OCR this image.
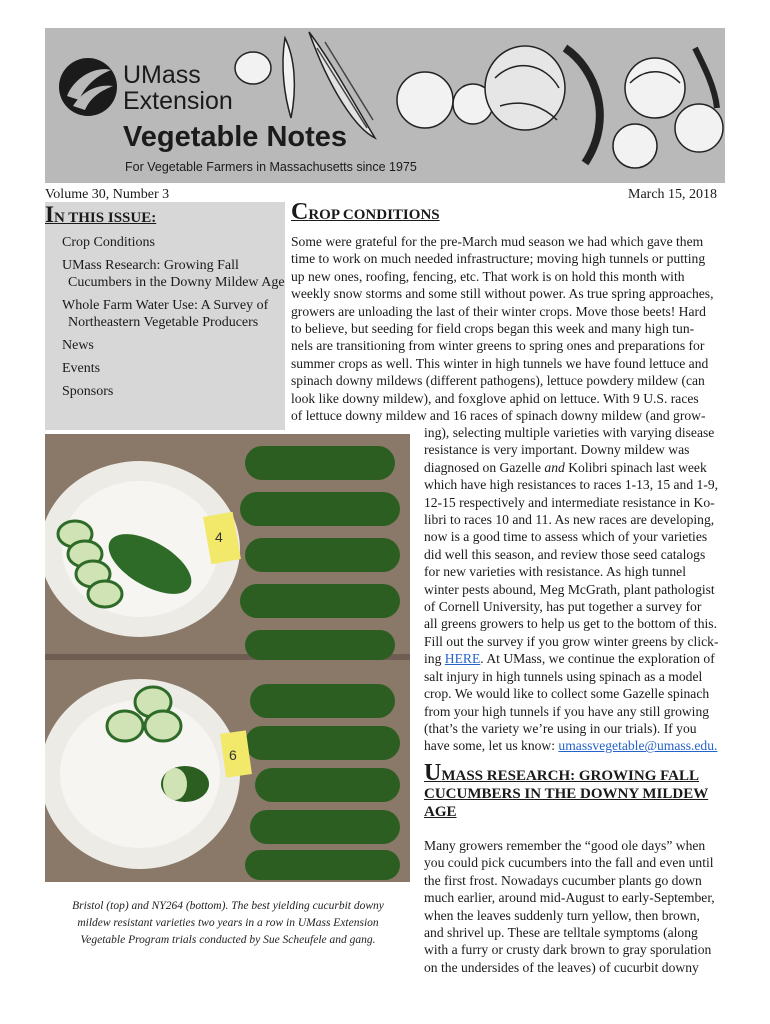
UMass
Extension
Vegetable Notes
For Vegetable Farmers in Massachusetts since 1975
Volume 30, Number 3	March 15, 2018
IN THIS ISSUE:
Crop Conditions
UMass Research: Growing Fall
Cucumbers in the Downy Mildew Age
Whole Farm Water Use: A Survey of
Northeastern Vegetable Producers
News
Events
Sponsors
CROP CONDITIONS
Some were grateful for the pre-March mud season we had which gave them
time to work on much needed infrastructure; moving high tunnels or putting
up new ones, roofing, fencing, etc. That work is on hold this month with
weekly snow storms and some still without power. As true spring approaches,
growers are unloading the last of their winter crops. Move those beets! Hard
to believe, but seeding for field crops began this week and many high tun-
nels are transitioning from winter greens to spring ones and preparations for
summer crops as well. This winter in high tunnels we have found lettuce and
spinach downy mildews (different pathogens), lettuce powdery mildew (can
look like downy mildew), and foxglove aphid on lettuce. With 9 U.S. races
of lettuce downy mildew and 16 races of spinach downy mildew (and grow-
ing), selecting multiple varieties with varying disease
resistance is very important. Downy mildew was
diagnosed on Gazelle and Kolibri spinach last week
which have high resistances to races 1-13, 15 and 1-9,
12-15 respectively and intermediate resistance in Ko-
libri to races 10 and 11. As new races are developing,
now is a good time to assess which of your varieties
did well this season, and review those seed catalogs
for new varieties with resistance. As high tunnel
winter pests abound, Meg McGrath, plant pathologist
of Cornell University, has put together a survey for
all greens growers to help us get to the bottom of this.
Fill out the survey if you grow winter greens by click-
ing HERE. At UMass, we continue the exploration of
salt injury in high tunnels using spinach as a model
crop. We would like to collect some Gazelle spinach
from your high tunnels if you have any still growing
(that’s the variety we’re using in our trials). If you
have some, let us know: umassvegetable@umass.edu.
4
6
Bristol (top) and NY264 (bottom). The best yielding cucurbit downy
mildew resistant varieties two years in a row in UMass Extension
Vegetable Program trials conducted by Sue Scheufele and gang.
UMASS RESEARCH: GROWING FALL
CUCUMBERS IN THE DOWNY MILDEW
AGE
Many growers remember the “good ole days” when
you could pick cucumbers into the fall and even until
the first frost. Nowadays cucumber plants go down
much earlier, around mid-August to early-September,
when the leaves suddenly turn yellow, then brown,
and shrivel up. These are telltale symptoms (along
with a furry or crusty dark brown to gray sporulation
on the undersides of the leaves) of cucurbit downy
